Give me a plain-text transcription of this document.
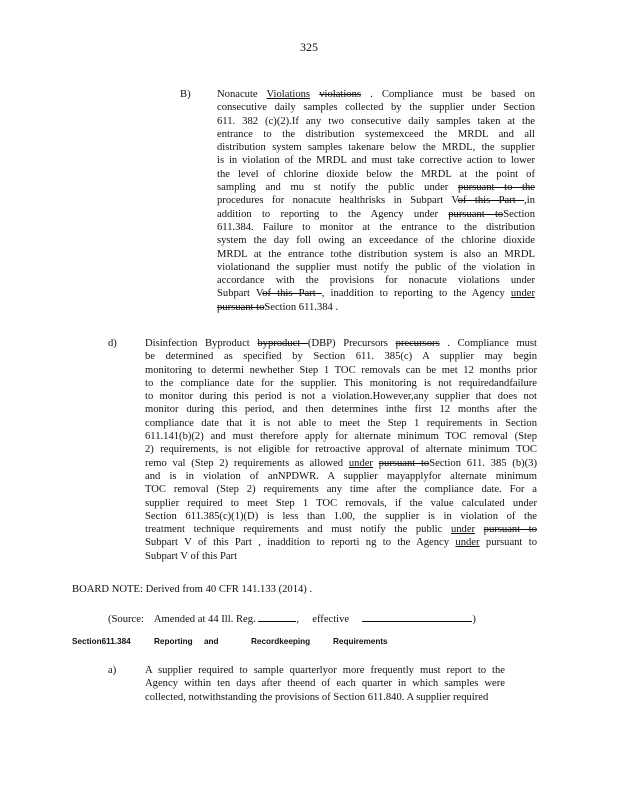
325
B) Nonacute Violations violations . Compliance must be based on
consecutive daily samples collected by the supplier under Section
611. 382 (c)(2).If any two consecutive daily samples taken at the
entrance to the distribution systemexceed the MRDL and all
distribution system samples takenare below the MRDL, the supplier
is in violation of the MRDL and must take corrective action to lower
the level of chlorine dioxide below the MRDL at the point of
sampling and mu st notify the public under pursuant to the
procedures for nonacute healthrisks in Subpart Vof this Part ,in
addition to reporting to the Agency under pursuant toSection
611.384. Failure to monitor at the entrance to the distribution
system the day foll owing an exceedance of the chlorine dioxide
MRDL at the entrance tothe distribution system is also an MRDL
violationand the supplier must notify the public of the violation in
accordance with the provisions for nonacute violations under
Subpart Vof this Part , inaddition to reporting to the Agency under
pursuant toSection 611.384 .
d)	Disinfection Byproduct byproduct (DBP) Precursors precursors . Compliance must
be determined as specified by Section 611. 385(c) A supplier may begin
monitoring to determi newhether Step 1 TOC removals can be met 12 months prior
to the compliance date for the supplier. This monitoring is not requiredandfailure
to monitor during this period is not a violation.However,any supplier that does not
monitor during this period, and then determines inthe first 12 months after the
compliance date that it is not able to meet the Step 1 requirements in Section
611.141(b)(2) and must therefore apply for alternate minimum TOC removal (Step
2) requirements, is not eligible for retroactive approval of alternate minimum TOC
remo val (Step 2) requirements as allowed under pursuant toSection 611. 385 (b)(3)
and is in violation of anNPDWR. A supplier mayapplyfor alternate minimum
TOC removal (Step 2) requirements any time after the compliance date. For a
supplier required to meet Step 1 TOC removals, if the value calculated under
Section 611.385(c)(1)(D) is less than 1.00, the supplier is in violation of the
treatment technique requirements and must notify the public under pursuant to
Subpart V of this Part , inaddition to reporti ng to the Agency under pursuant to
Subpart V of this Part
BOARD NOTE: Derived from 40 CFR 141.133 (2014) .
(Source: Amended at 44 Ill. Reg.	, effective	)
Section611.384	Reporting and	Recordkeeping	Requirements
a)	A supplier required to sample quarterlyor more frequently must report to the
Agency within ten days after theend of each quarter in which samples were
collected, notwithstanding the provisions of Section 611.840. A supplier required
